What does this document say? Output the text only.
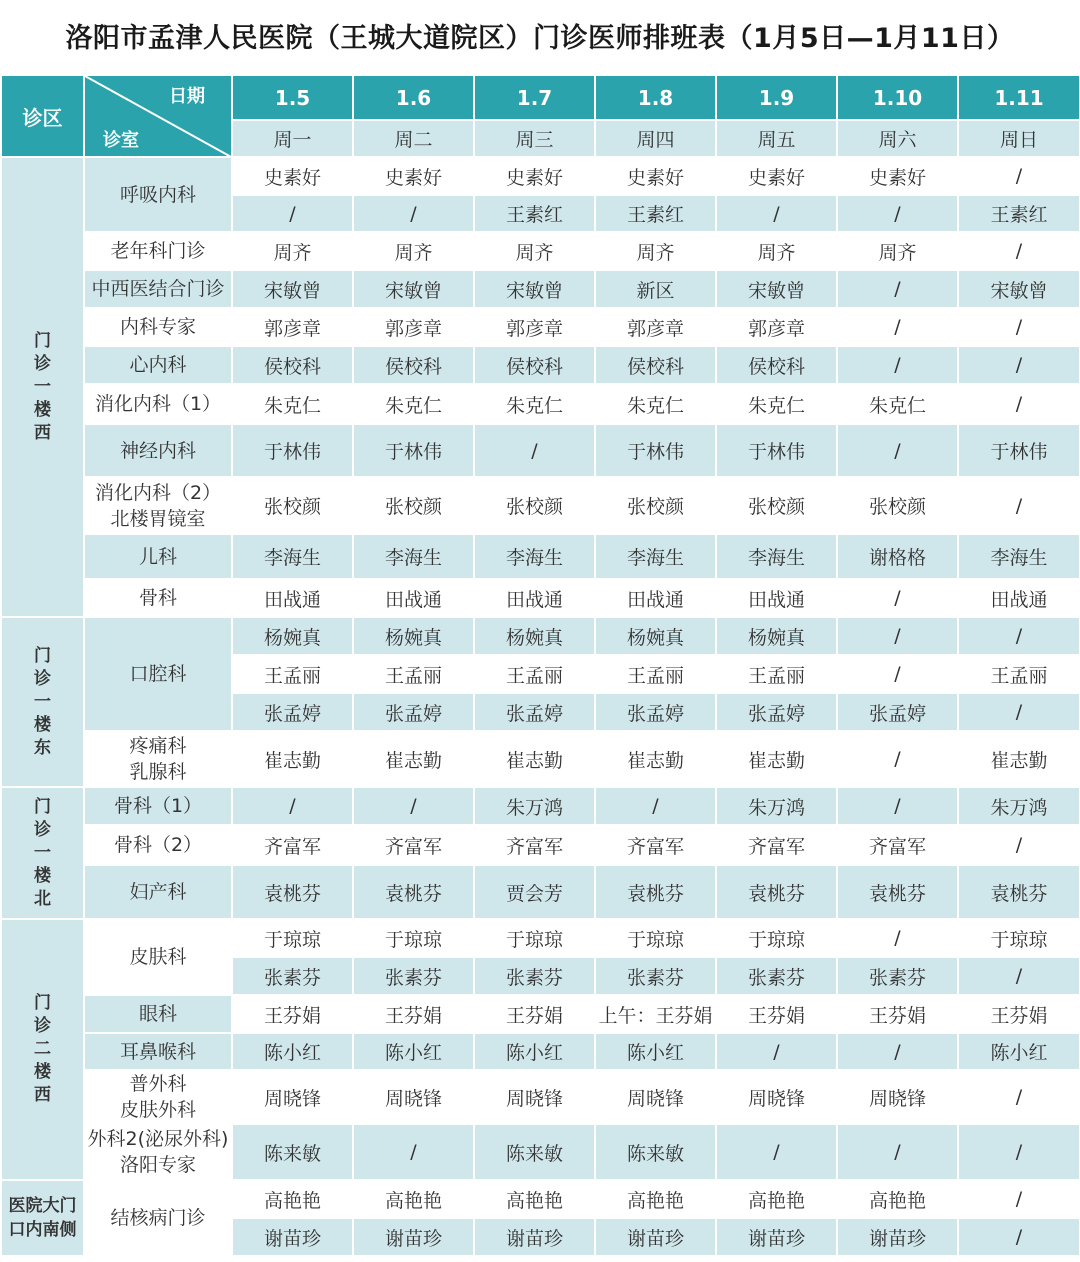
洛阳市孟津人民医院（王城大道院区）门诊医师排班表（1月5日—1月11日）
诊区	日期
诊室	1.5	1.6	1.7	1.8	1.9	1.10	1.11
		周一	周二	周三	周四	周五	周六	周日
门诊一楼西	呼吸内科	史素好	史素好	史素好	史素好	史素好	史素好	/
		/	/	王素红	王素红	/	/	王素红

	老年科门诊	周齐	周齐	周齐	周齐	周齐	周齐	/

	中西医结合门诊	宋敏曾	宋敏曾	宋敏曾	新区	宋敏曾	/	宋敏曾

	内科专家	郭彦章	郭彦章	郭彦章	郭彦章	郭彦章	/	/

	心内科	侯校科	侯校科	侯校科	侯校科	侯校科	/	/

	消化内科（1）	朱克仁	朱克仁	朱克仁	朱克仁	朱克仁	朱克仁	/

	神经内科	于林伟	于林伟	/	于林伟	于林伟	/	于林伟

	消化内科（2）
北楼胃镜室	张校颜	张校颜	张校颜	张校颜	张校颜	张校颜	/

	儿科	李海生	李海生	李海生	李海生	李海生	谢格格	李海生

	骨科	田战通	田战通	田战通	田战通	田战通	/	田战通
门诊一楼东	口腔科	杨婉真	杨婉真	杨婉真	杨婉真	杨婉真	/	/
		王孟丽	王孟丽	王孟丽	王孟丽	王孟丽	/	王孟丽
		张孟婷	张孟婷	张孟婷	张孟婷	张孟婷	张孟婷	/

	疼痛科
乳腺科	崔志勤	崔志勤	崔志勤	崔志勤	崔志勤	/	崔志勤
门诊一楼北	骨科（1）	/	/	朱万鸿	/	朱万鸿	/	朱万鸿

	骨科（2）	齐富军	齐富军	齐富军	齐富军	齐富军	齐富军	/

	妇产科	袁桃芬	袁桃芬	贾会芳	袁桃芬	袁桃芬	袁桃芬	袁桃芬
门诊二楼西	皮肤科	于琼琼	于琼琼	于琼琼	于琼琼	于琼琼	/	于琼琼
		张素芬	张素芬	张素芬	张素芬	张素芬	张素芬	/

	眼科	王芬娟	王芬娟	王芬娟	上午：王芬娟	王芬娟	王芬娟	王芬娟

	耳鼻喉科	陈小红	陈小红	陈小红	陈小红	/	/	陈小红

	普外科
皮肤外科	周晓锋	周晓锋	周晓锋	周晓锋	周晓锋	周晓锋	/

	外科2(泌尿外科)
洛阳专家	陈来敏	/	陈来敏	陈来敏	/	/	/
医院大门口内南侧	结核病门诊	高艳艳	高艳艳	高艳艳	高艳艳	高艳艳	高艳艳	/
		谢苗珍	谢苗珍	谢苗珍	谢苗珍	谢苗珍	谢苗珍	/
